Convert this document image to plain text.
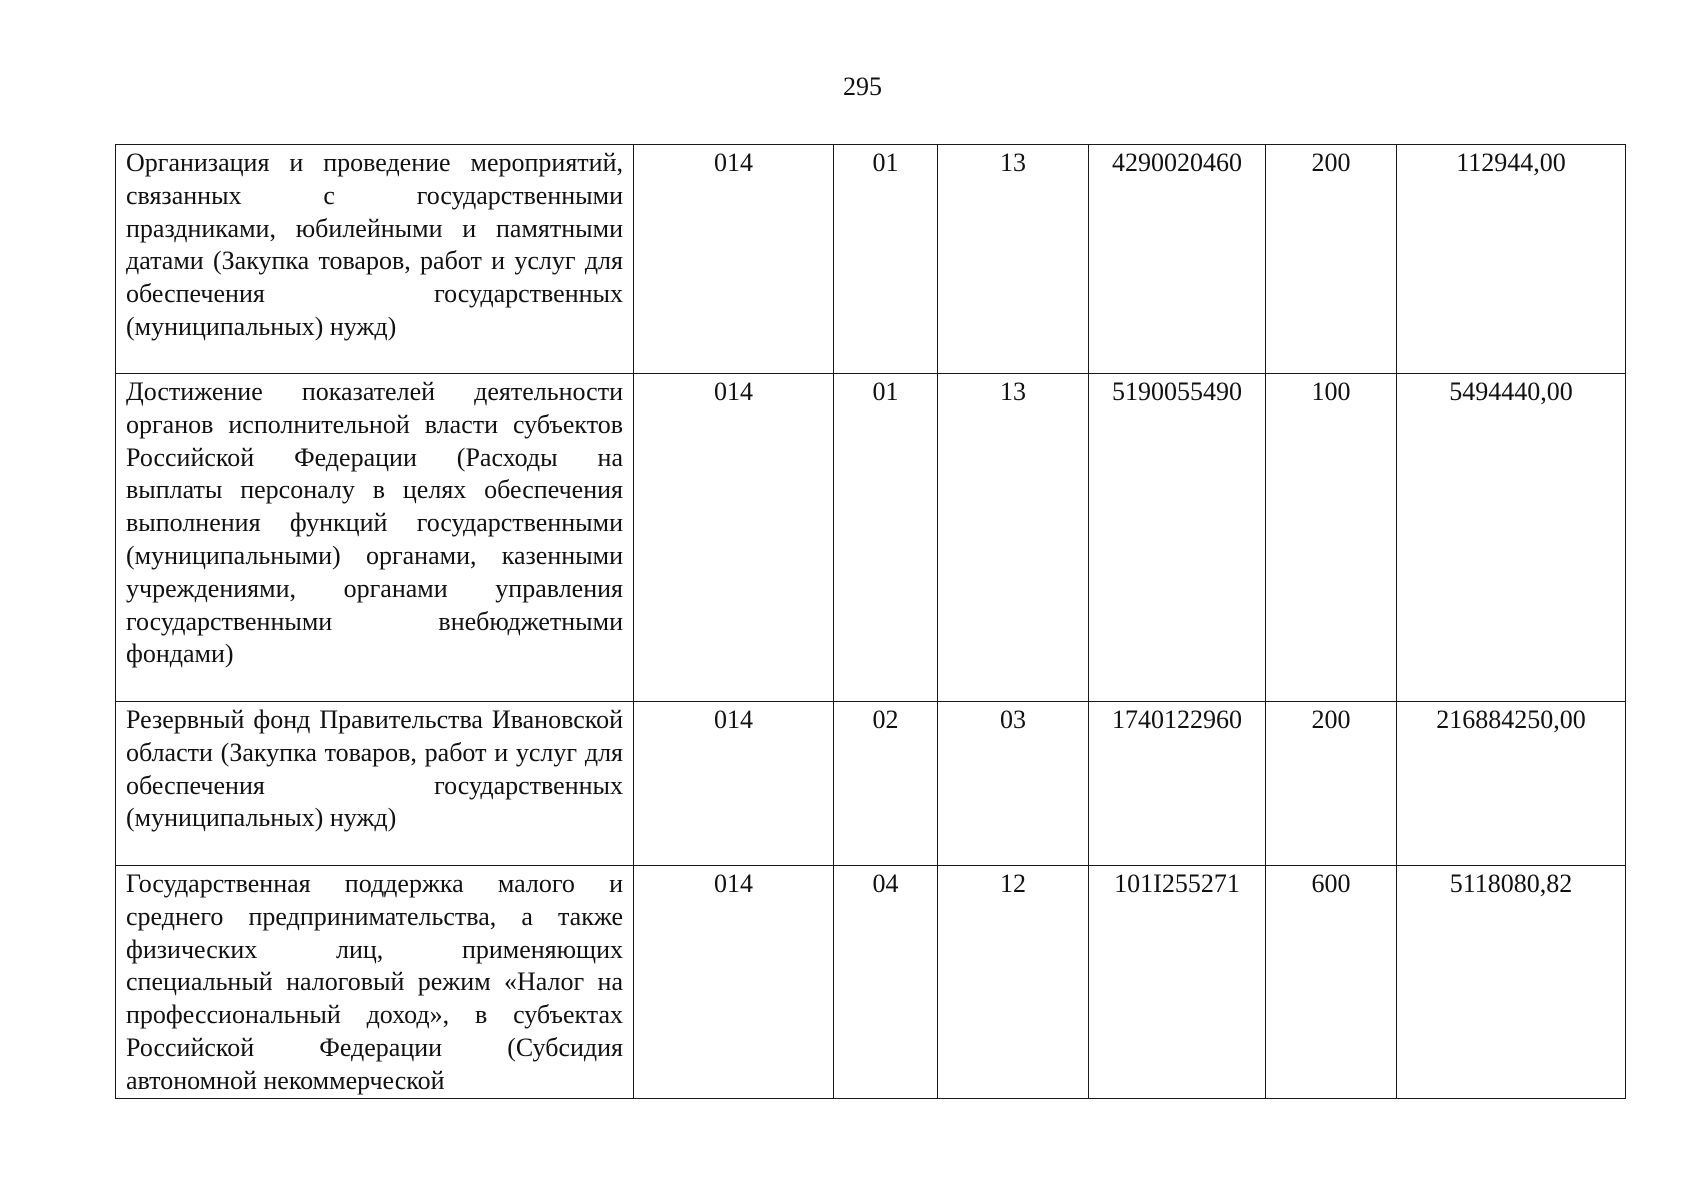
295
Организация и проведение мероприятий, связанных с государственными праздниками, юбилейными и памятными датами (Закупка товаров, работ и услуг для обеспечения государственных (муниципальных) нужд)	014	01	13	4290020460	200	112944,00

Достижение показателей деятельности органов исполнительной власти субъектов Российской Федерации (Расходы на выплаты персоналу в целях обеспечения выполнения функций государственными (муниципальными) органами, казенными учреждениями, органами управления государственными внебюджетными фондами)	014	01	13	5190055490	100	5494440,00

Резервный фонд Правительства Ивановской области (Закупка товаров, работ и услуг для обеспечения государственных (муниципальных) нужд)	014	02	03	1740122960	200	216884250,00

Государственная поддержка малого и среднего предпринимательства, а также физических лиц, применяющих специальный налоговый режим «Налог на профессиональный доход», в субъектах Российской Федерации (Субсидия автономной некоммерческой	014	04	12	101I255271	600	5118080,82
